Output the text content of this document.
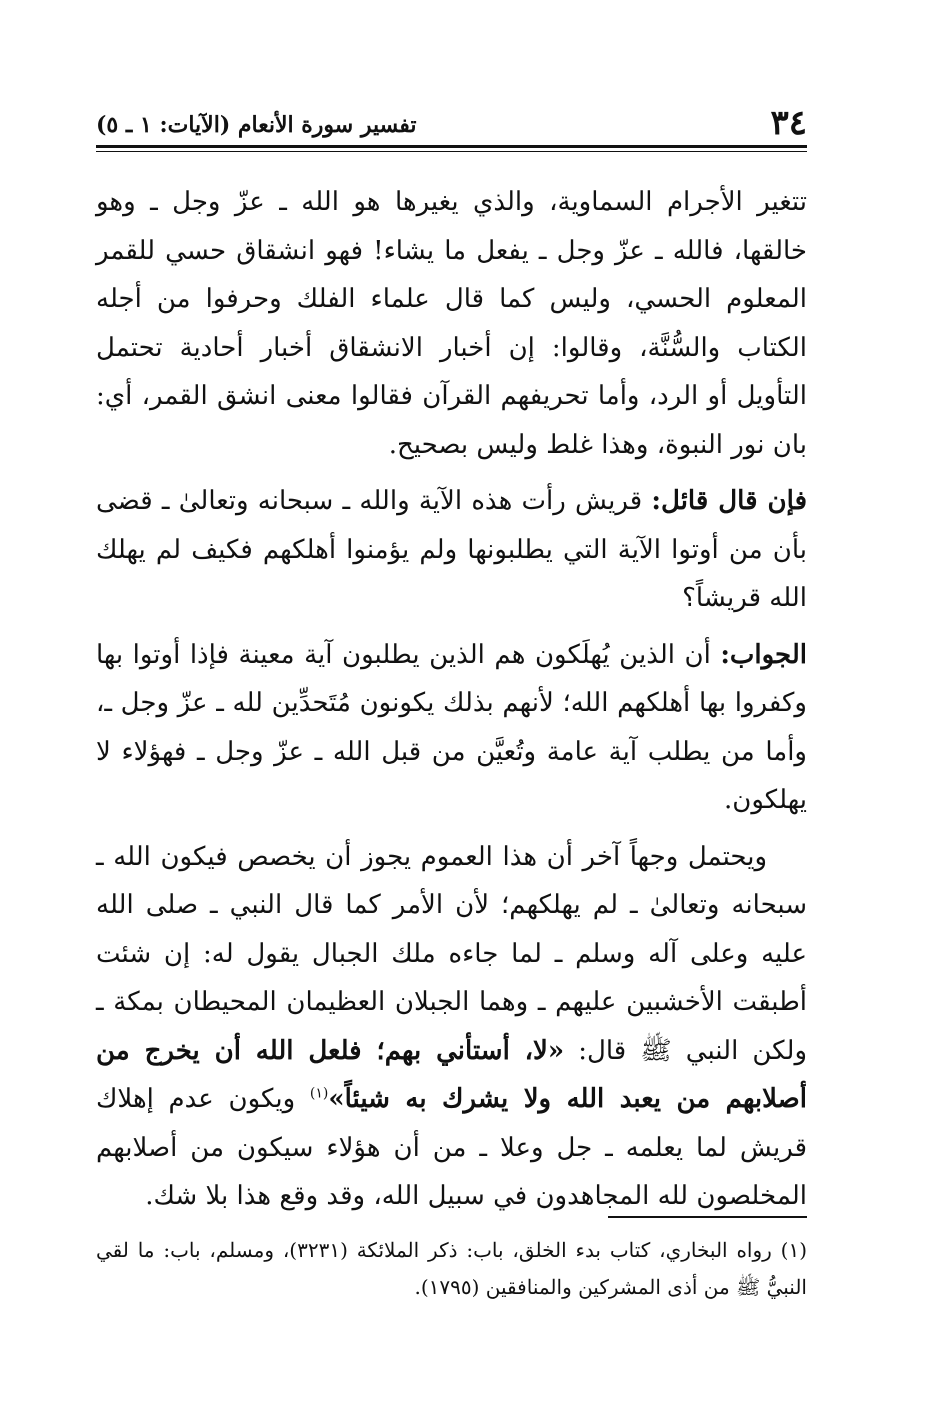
٣٤
تفسير سورة الأنعام (الآيات: ١ ـ ٥)

تتغير الأجرام السماوية، والذي يغيرها هو الله ـ عزّ وجل ـ وهو خالقها، فالله ـ عزّ وجل ـ يفعل ما يشاء! فهو انشقاق حسي للقمر المعلوم الحسي، وليس كما قال علماء الفلك وحرفوا من أجله الكتاب والسُّنَّة، وقالوا: إن أخبار الانشقاق أخبار أحادية تحتمل التأويل أو الرد، وأما تحريفهم القرآن فقالوا معنى انشق القمر، أي: بان نور النبوة، وهذا غلط وليس بصحيح.

فإن قال قائل: قريش رأت هذه الآية والله ـ سبحانه وتعالىٰ ـ قضى بأن من أوتوا الآية التي يطلبونها ولم يؤمنوا أهلكهم فكيف لم يهلك الله قريشاً؟

الجواب: أن الذين يُهلَكون هم الذين يطلبون آية معينة فإذا أوتوا بها وكفروا بها أهلكهم الله؛ لأنهم بذلك يكونون مُتَحدِّين لله ـ عزّ وجل ـ، وأما من يطلب آية عامة وتُعيَّن من قبل الله ـ عزّ وجل ـ فهؤلاء لا يهلكون.

ويحتمل وجهاً آخر أن هذا العموم يجوز أن يخصص فيكون الله ـ سبحانه وتعالىٰ ـ لم يهلكهم؛ لأن الأمر كما قال النبي ـ صلى الله عليه وعلى آله وسلم ـ لما جاءه ملك الجبال يقول له: إن شئت أطبقت الأخشبين عليهم ـ وهما الجبلان العظيمان المحيطان بمكة ـ ولكن النبي ﷺ قال: «لا، أستأني بهم؛ فلعل الله أن يخرج من أصلابهم من يعبد الله ولا يشرك به شيئاً»$^{(١)}$ ويكون عدم إهلاك قريش لما يعلمه ـ جل وعلا ـ من أن هؤلاء سيكون من أصلابهم المخلصون لله المجاهدون في سبيل الله، وقد وقع هذا بلا شك.

(١) رواه البخاري، كتاب بدء الخلق، باب: ذكر الملائكة (٣٢٣١)، ومسلم، باب: ما لقي النبيُّ ﷺ من أذى المشركين والمنافقين (١٧٩٥).
